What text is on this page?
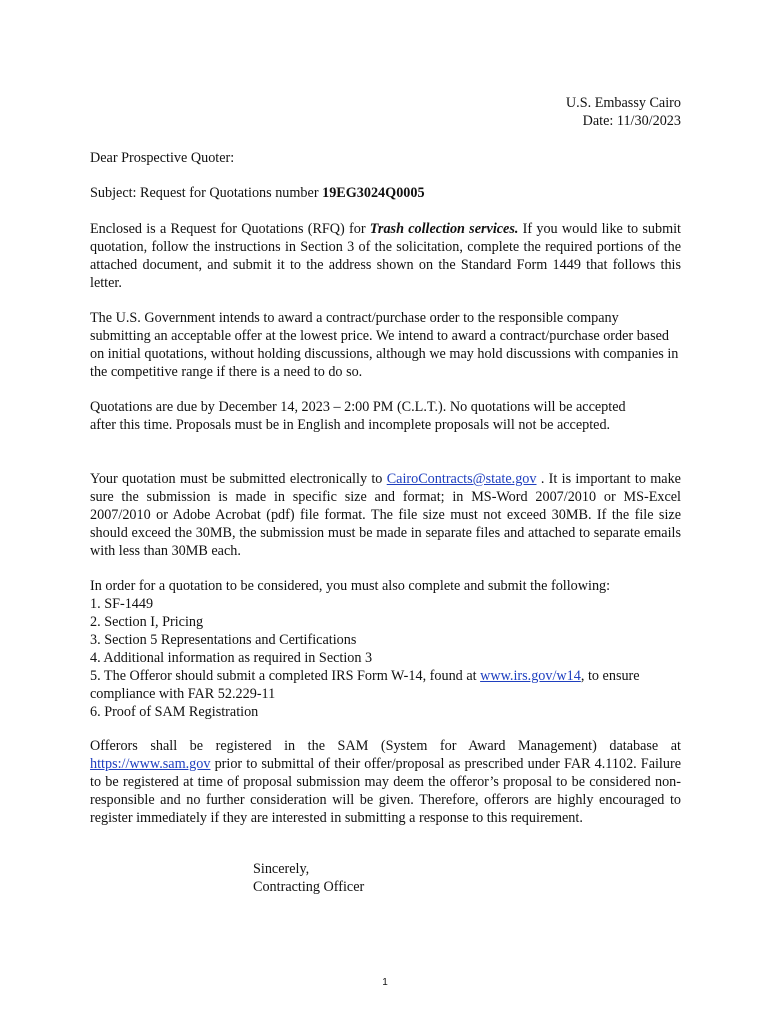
U.S. Embassy Cairo
Date: 11/30/2023
Dear Prospective Quoter:
Subject: Request for Quotations number 19EG3024Q0005
Enclosed is a Request for Quotations (RFQ) for Trash collection services. If you would like to submit quotation, follow the instructions in Section 3 of the solicitation, complete the required portions of the attached document, and submit it to the address shown on the Standard Form 1449 that follows this letter.
The U.S. Government intends to award a contract/purchase order to the responsible company submitting an acceptable offer at the lowest price. We intend to award a contract/purchase order based on initial quotations, without holding discussions, although we may hold discussions with companies in the competitive range if there is a need to do so.
Quotations are due by December 14, 2023 – 2:00 PM (C.L.T.). No quotations will be accepted after this time. Proposals must be in English and incomplete proposals will not be accepted.
Your quotation must be submitted electronically to CairoContracts@state.gov . It is important to make sure the submission is made in specific size and format; in MS-Word 2007/2010 or MS-Excel 2007/2010 or Adobe Acrobat (pdf) file format. The file size must not exceed 30MB. If the file size should exceed the 30MB, the submission must be made in separate files and attached to separate emails with less than 30MB each.
In order for a quotation to be considered, you must also complete and submit the following:
1. SF-1449
2. Section I, Pricing
3. Section 5 Representations and Certifications
4. Additional information as required in Section 3
5. The Offeror should submit a completed IRS Form W-14, found at www.irs.gov/w14, to ensure compliance with FAR 52.229-11
6. Proof of SAM Registration
Offerors shall be registered in the SAM (System for Award Management) database at https://www.sam.gov prior to submittal of their offer/proposal as prescribed under FAR 4.1102. Failure to be registered at time of proposal submission may deem the offeror’s proposal to be considered non-responsible and no further consideration will be given. Therefore, offerors are highly encouraged to register immediately if they are interested in submitting a response to this requirement.
Sincerely,
Contracting Officer
1
